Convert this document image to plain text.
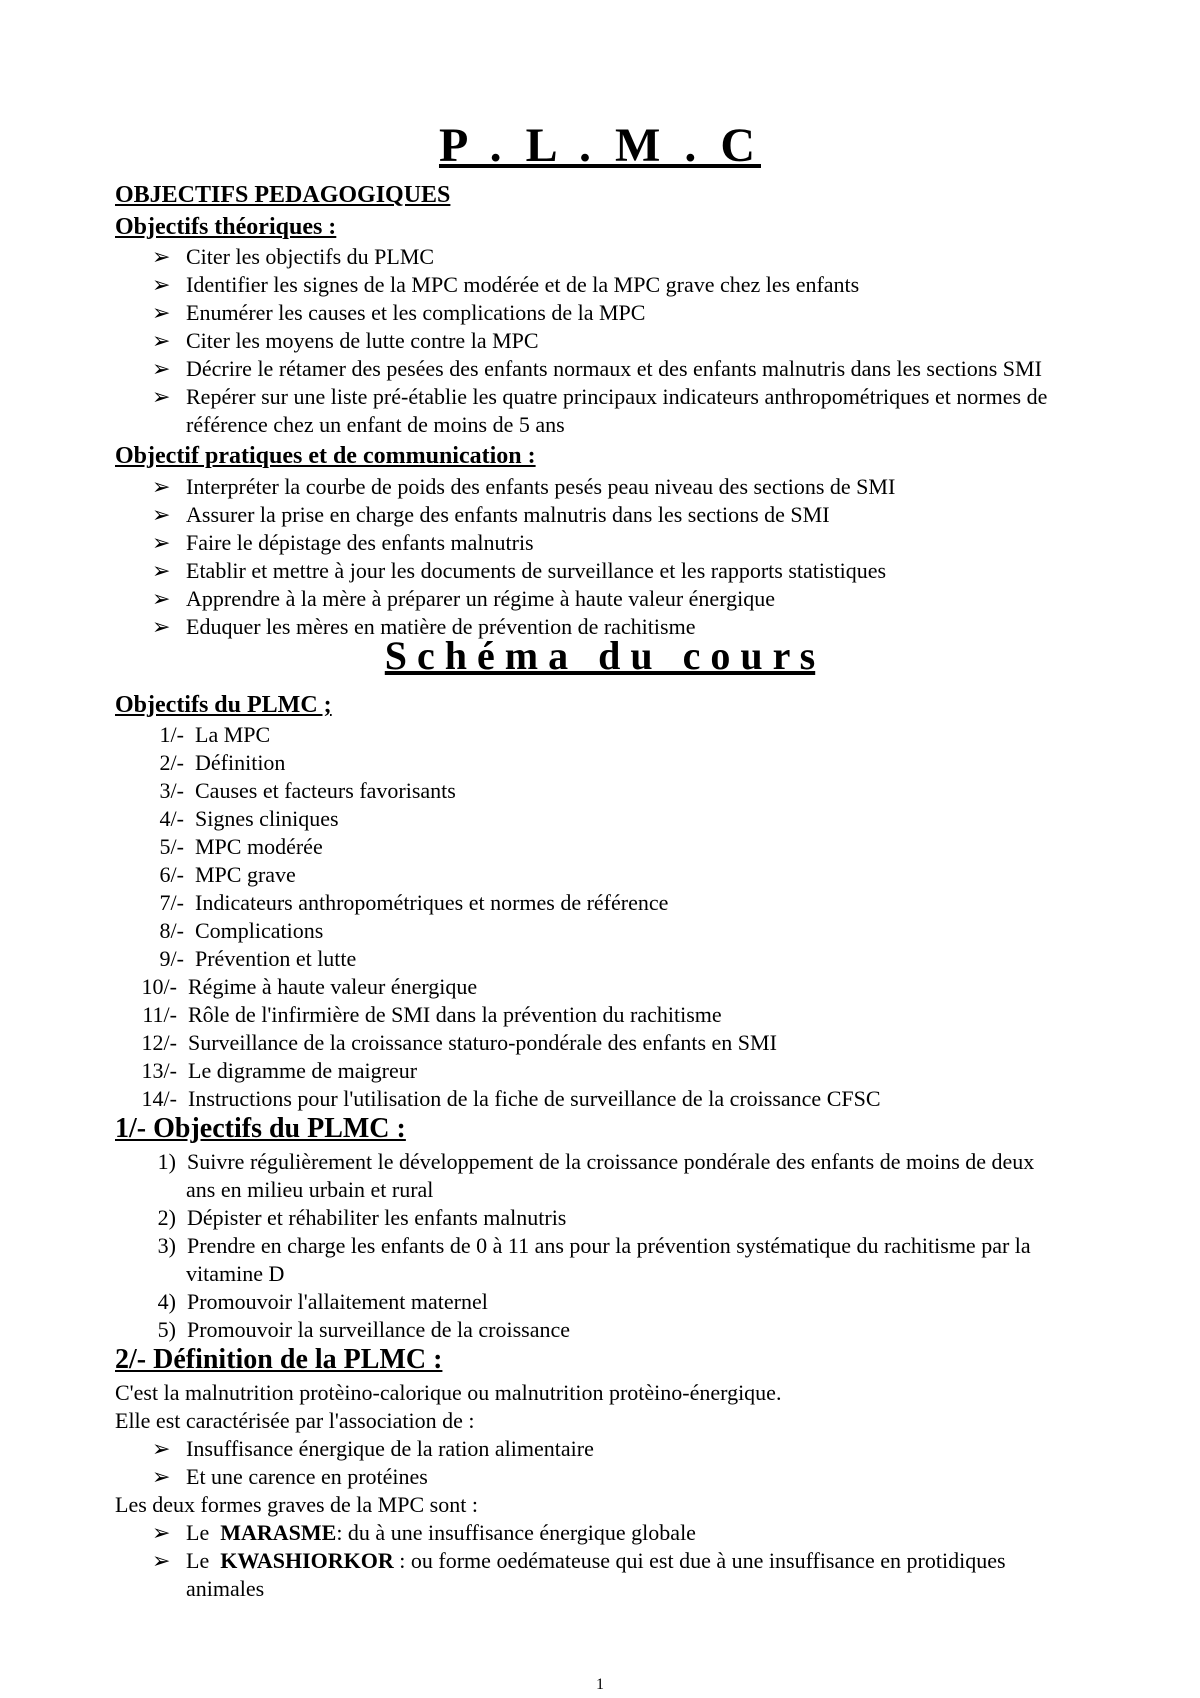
P . L . M . C
OBJECTIFS PEDAGOGIQUES
Objectifs théoriques :
➢ Citer les objectifs du PLMC
➢ Identifier les signes de la MPC modérée et de la MPC grave chez les enfants
➢ Enumérer les causes et les complications de la MPC
➢ Citer les moyens de lutte contre la MPC
➢ Décrire le rétamer des pesées des enfants normaux et des enfants malnutris dans les sections SMI
➢ Repérer sur une liste pré-établie les quatre principaux indicateurs anthropométriques et normes de
référence chez un enfant de moins de 5 ans
Objectif pratiques et de communication :
➢ Interpréter la courbe de poids des enfants pesés peau niveau des sections de SMI
➢ Assurer la prise en charge des enfants malnutris dans les sections de SMI
➢ Faire le dépistage des enfants malnutris
➢ Etablir et mettre à jour les documents de surveillance et les rapports statistiques
➢ Apprendre à la mère à préparer un régime à haute valeur énergique
➢ Eduquer les mères en matière de prévention de rachitisme
S c h é m a   d u   c o u r s
Objectifs du PLMC ;
1/- La MPC
2/- Définition
3/- Causes et facteurs favorisants
4/- Signes cliniques
5/- MPC modérée
6/- MPC grave
7/- Indicateurs anthropométriques et normes de référence
8/- Complications
9/- Prévention et lutte
10/- Régime à haute valeur énergique
11/- Rôle de l'infirmière de SMI dans la prévention du rachitisme
12/- Surveillance de la croissance staturo-pondérale des enfants en SMI
13/- Le digramme de maigreur
14/- Instructions pour l'utilisation de la fiche de surveillance de la croissance CFSC
1/- Objectifs du PLMC :
1) Suivre régulièrement le développement de la croissance pondérale des enfants de moins de deux
ans en milieu urbain et rural
2) Dépister et réhabiliter les enfants malnutris
3) Prendre en charge les enfants de 0 à 11 ans pour la prévention systématique du rachitisme par la
vitamine D
4) Promouvoir l'allaitement maternel
5) Promouvoir la surveillance de la croissance
2/- Définition de la PLMC :
C'est la malnutrition protèino-calorique ou malnutrition protèino-énergique.
Elle est caractérisée par l'association de :
➢ Insuffisance énergique de la ration alimentaire
➢ Et une carence en protéines
Les deux formes graves de la MPC sont :
➢ Le MARASME: du à une insuffisance énergique globale
➢ Le KWASHIORKOR : ou forme oedémateuse qui est due à une insuffisance en protidiques
animales
1
